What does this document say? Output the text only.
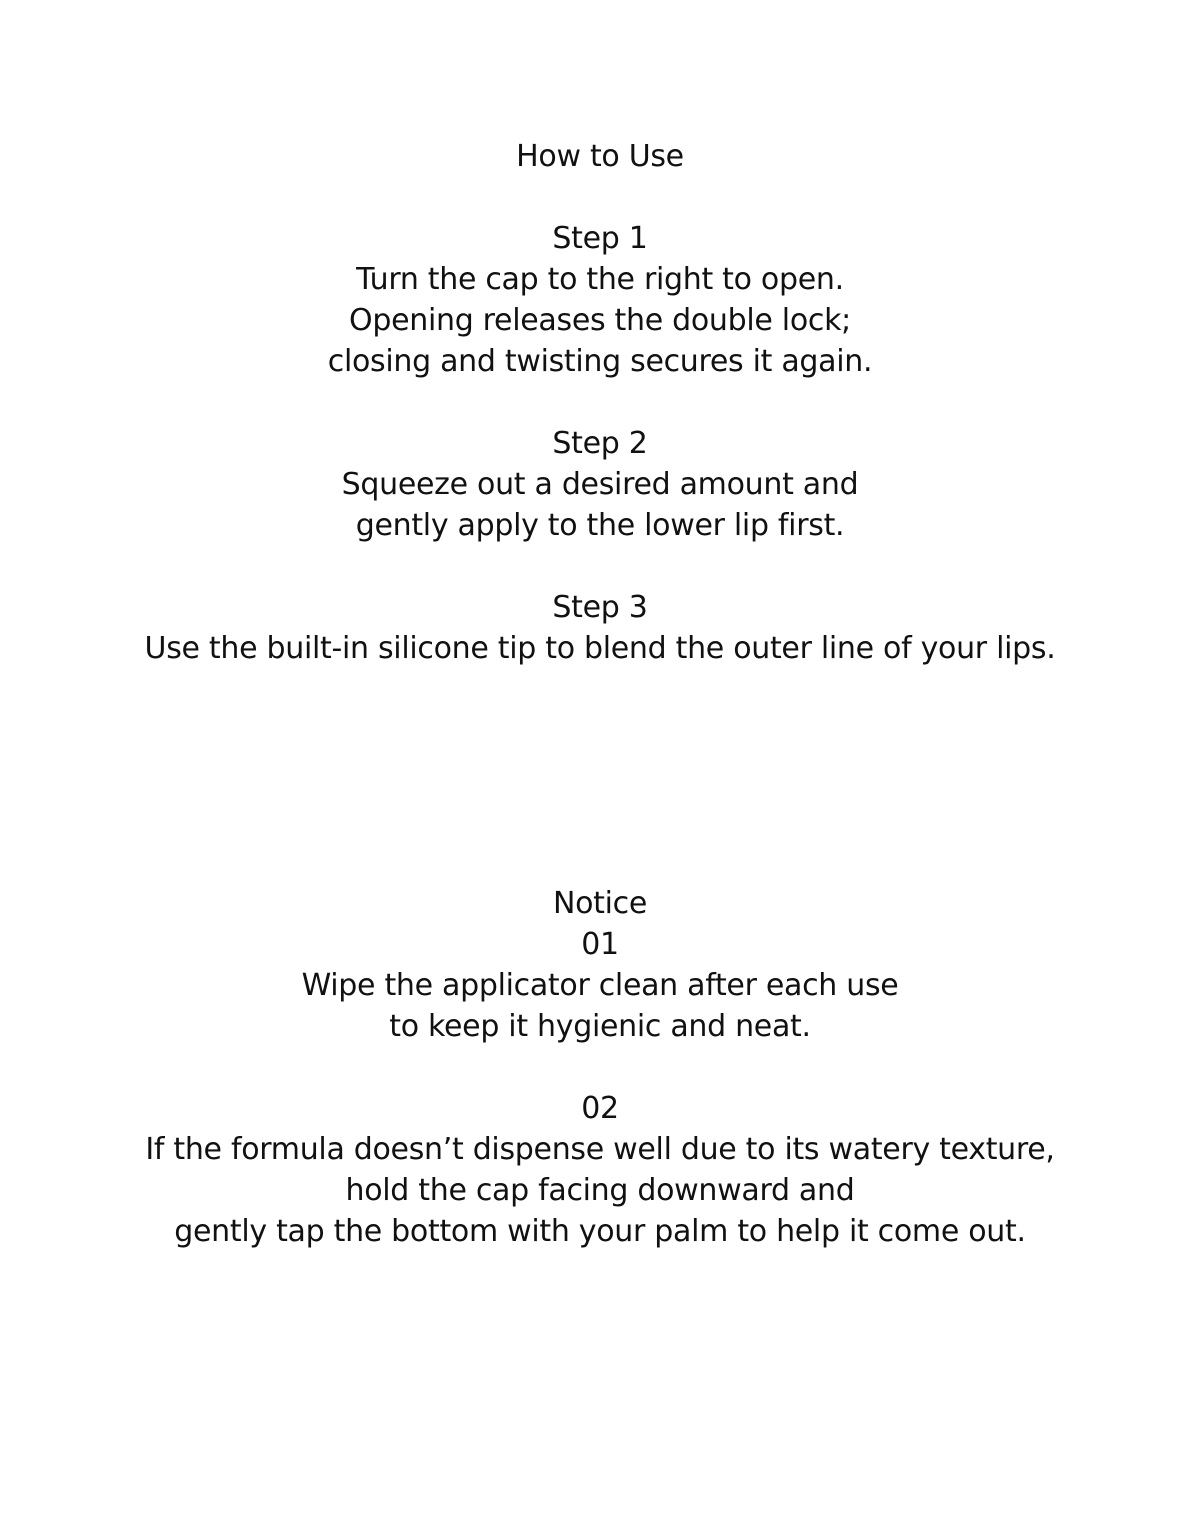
How to Use
Step 1
Turn the cap to the right to open.
Opening releases the double lock;
closing and twisting secures it again.
Step 2
Squeeze out a desired amount and
gently apply to the lower lip first.
Step 3
Use the built-in silicone tip to blend the outer line of your lips.
Notice
01
Wipe the applicator clean after each use
to keep it hygienic and neat.
02
If the formula doesn’t dispense well due to its watery texture,
hold the cap facing downward and
gently tap the bottom with your palm to help it come out.
